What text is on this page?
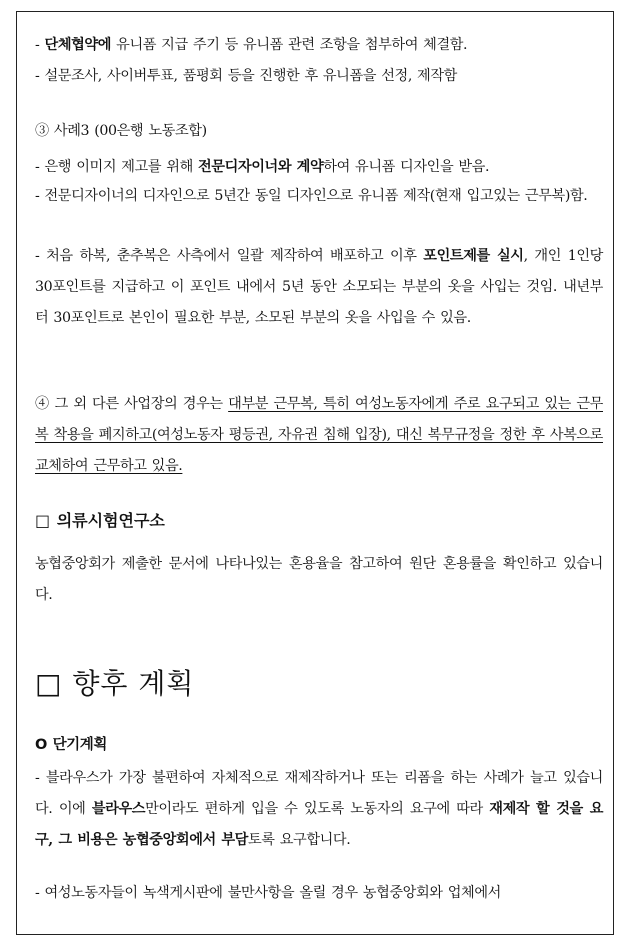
- 단체협약에 유니폼 지급 주기 등 유니폼 관련 조항을 첨부하여 체결함.

- 설문조사, 사이버투표, 품평회 등을 진행한 후 유니폼을 선정, 제작함

③ 사례3 (00은행 노동조합)

- 은행 이미지 제고를 위해 전문디자이너와 계약하여 유니폼 디자인을 받음.

- 전문디자이너의 디자인으로 5년간 동일 디자인으로 유니폼 제작(현재 입고있는 근무복)함.

- 처음 하복, 춘추복은 사측에서 일괄 제작하여 배포하고 이후 포인트제를 실시, 개인 1인당 30포인트를 지급하고 이 포인트 내에서 5년 동안 소모되는 부분의 옷을 사입는 것임. 내년부터 30포인트로 본인이 필요한 부분, 소모된 부분의 옷을 사입을 수 있음.

④ 그 외 다른 사업장의 경우는 대부분 근무복, 특히 여성노동자에게 주로 요구되고 있는 근무복 착용을 폐지하고(여성노동자 평등권, 자유권 침해 입장), 대신 복무규정을 정한 후 사복으로 교체하여 근무하고 있음.

□ 의류시험연구소

농협중앙회가 제출한 문서에 나타나있는 혼용율을 참고하여 원단 혼용률을 확인하고 있습니다.

□ 향후 계획

O 단기계획

- 블라우스가 가장 불편하여 자체적으로 재제작하거나 또는 리폼을 하는 사례가 늘고 있습니다. 이에 블라우스만이라도 편하게 입을 수 있도록 노동자의 요구에 따라 재제작 할 것을 요구, 그 비용은 농협중앙회에서 부담토록 요구합니다.

- 여성노동자들이 녹색게시판에 불만사항을 올릴 경우 농협중앙회와 업체에서
